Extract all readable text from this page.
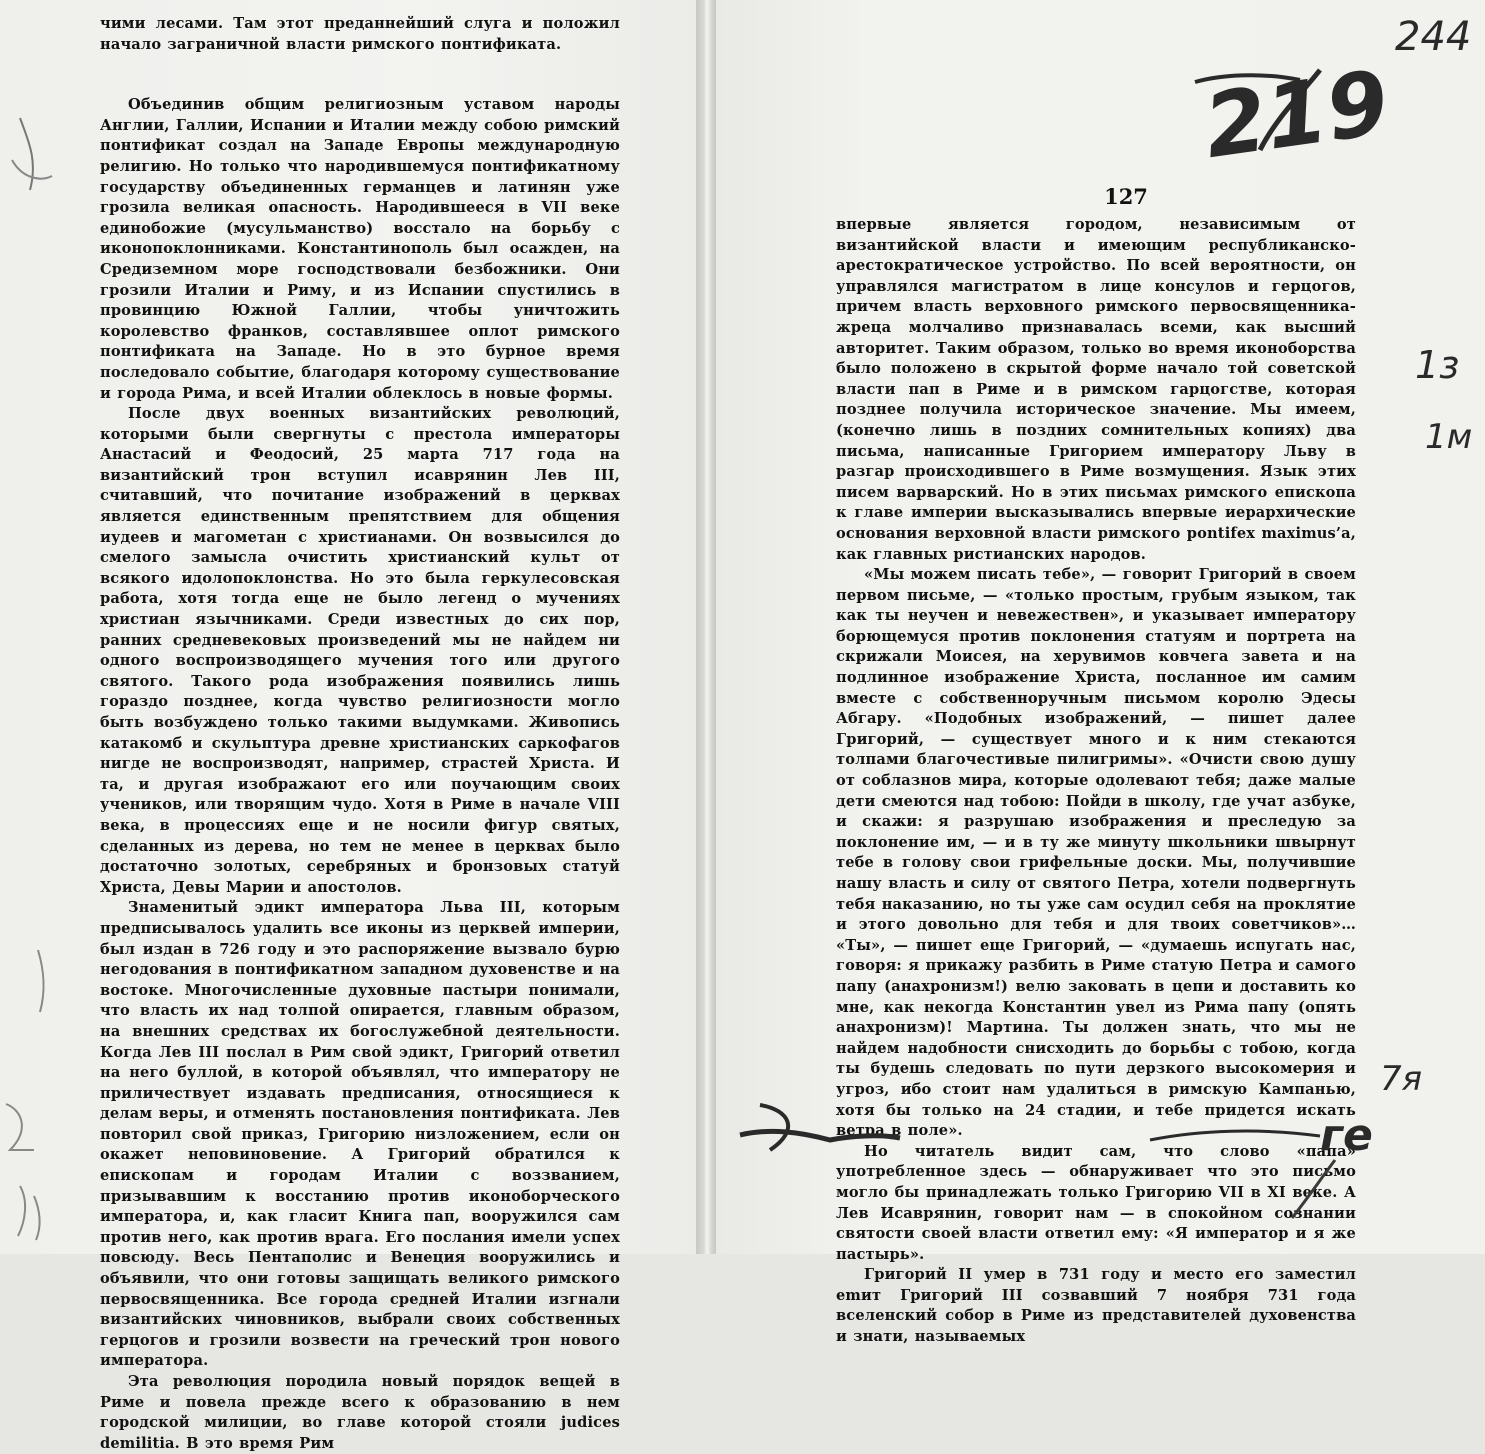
чими лесами. Там этот преданнейший слуга и положил начало заграничной власти римского понтификата.

Объединив общим религиозным уставом народы Англии, Галлии, Испании и Италии между собою римский понтификат создал на Западе Европы международную религию. Но только что народившемуся понтификатному государству объединенных германцев и латинян уже грозила великая опасность. Народившееся в VII веке единобожие (мусульманство) восстало на борьбу с иконопоклонниками. Константинополь был осажден, на Средиземном море господствовали безбожники. Они грозили Италии и Риму, и из Испании спустились в провинцию Южной Галлии, чтобы уничтожить королевство франков, составлявшее оплот римского понтификата на Западе. Но в это бурное время последовало событие, благодаря которому существование и города Рима, и всей Италии облеклось в новые формы.

После двух военных византийских революций, которыми были свергнуты с престола императоры Анастасий и Феодосий, 25 марта 717 года на византийский трон вступил исаврянин Лев III, считавший, что почитание изображений в церквах является единственным препятствием для общения иудеев и магометан с христианами. Он возвысился до смелого замысла очистить христианский культ от всякого идолопоклонства. Но это была геркулесовская работа, хотя тогда еще не было легенд о мучениях христиан язычниками. Среди известных до сих пор, ранних средневековых произведений мы не найдем ни одного воспроизводящего мучения того или другого святого. Такого рода изображения появились лишь гораздо позднее, когда чувство религиозности могло быть возбуждено только такими выдумками. Живопись катакомб и скульптура древне христианских саркофагов нигде не воспроизводят, например, страстей Христа. И та, и другая изображают его или поучающим своих учеников, или творящим чудо. Хотя в Риме в начале VIII века, в процессиях еще и не носили фигур святых, сделанных из дерева, но тем не менее в церквах было достаточно золотых, серебряных и бронзовых статуй Христа, Девы Марии и апостолов.

Знаменитый эдикт императора Льва III, которым предписывалось удалить все иконы из церквей империи, был издан в 726 году и это распоряжение вызвало бурю негодования в понтификатном западном духовенстве и на востоке. Многочисленные духовные пастыри понимали, что власть их над толпой опирается, главным образом, на внешних средствах их богослужебной деятельности. Когда Лев III послал в Рим свой эдикт, Григорий ответил на него буллой, в которой объявлял, что императору не приличествует издавать предписания, относящиеся к делам веры, и отменять постановления понтификата. Лев повторил свой приказ, Григорию низложением, если он окажет неповиновение. А Григорий обратился к епископам и городам Италии с воззванием, призывавшим к восстанию против иконоборческого императора, и, как гласит Книга пап, вооружился сам против него, как против врага. Его послания имели успех повсюду. Весь Пентаполис и Венеция вооружились и объявили, что они готовы защищать великого римского первосвященника. Все города средней Италии изгнали византийских чиновников, выбрали своих собственных герцогов и грозили возвести на греческий трон нового императора.

Эта революция породила новый порядок вещей в Риме и повела прежде всего к образованию в нем городской милиции, во главе которой стояли judices demilitia. В это время Рим

127

впервые является городом, независимым от византийской власти и имеющим республиканско-арестократическое устройство. По всей вероятности, он управлялся магистратом в лице консулов и герцогов, причем власть верховного римского первосвященника-жреца молчаливо признавалась всеми, как высший авторитет. Таким образом, только во время иконоборства было положено в скрытой форме начало той советской власти пап в Риме и в римском гарцогстве, которая позднее получила историческое значение. Мы имеем, (конечно лишь в поздних сомнительных копиях) два письма, написанные Григорием императору Льву в разгар происходившего в Риме возмущения. Язык этих писем варварский. Но в этих письмах римского епископа к главе империи высказывались впервые иерархические основания верховной власти римского pontifex maximus’а, как главных ристианских народов.

«Мы можем писать тебе», — говорит Григорий в своем первом письме, — «только простым, грубым языком, так как ты неучен и невежествен», и указывает императору борющемуся против поклонения статуям и портрета на скрижали Моисея, на херувимов ковчега завета и на подлинное изображение Христа, посланное им самим вместе с собственноручным письмом королю Эдесы Абгару. «Подобных изображений, — пишет далее Григорий, — существует много и к ним стекаются толпами благочестивые пилигримы». «Очисти свою душу от соблазнов мира, которые одолевают тебя; даже малые дети смеются над тобою: Пойди в школу, где учат азбуке, и скажи: я разрушаю изображения и преследую за поклонение им, — и в ту же минуту школьники швырнут тебе в голову свои грифельные доски. Мы, получившие нашу власть и силу от святого Петра, хотели подвергнуть тебя наказанию, но ты уже сам осудил себя на проклятие и этого довольно для тебя и для твоих советчиков»… «Ты», — пишет еще Григорий, — «думаешь испугать нас, говоря: я прикажу разбить в Риме статую Петра и самого папу (анахронизм!) велю заковать в цепи и доставить ко мне, как некогда Константин увел из Рима папу (опять анахронизм)! Мартина. Ты должен знать, что мы не найдем надобности снисходить до борьбы с тобою, когда ты будешь следовать по пути дерзкого высокомерия и угроз, ибо стоит нам удалиться в римскую Кампанью, хотя бы только на 24 стадии, и тебе придется искать ветра в поле».

Но читатель видит сам, что слово «папа» употребленное здесь — обнаруживает что это письмо могло бы принадлежать только Григорию VII в XI веке. А Лев Исаврянин, говорит нам — в спокойном сознании святости своей власти ответил ему: «Я император и я же пастырь».

Григорий II умер в 731 году и место его заместил emит Григорий III созвавший 7 ноября 731 года вселенский собор в Риме из представителей духовенства и знати, называемых

219
244
1з
1м
7я
ге
